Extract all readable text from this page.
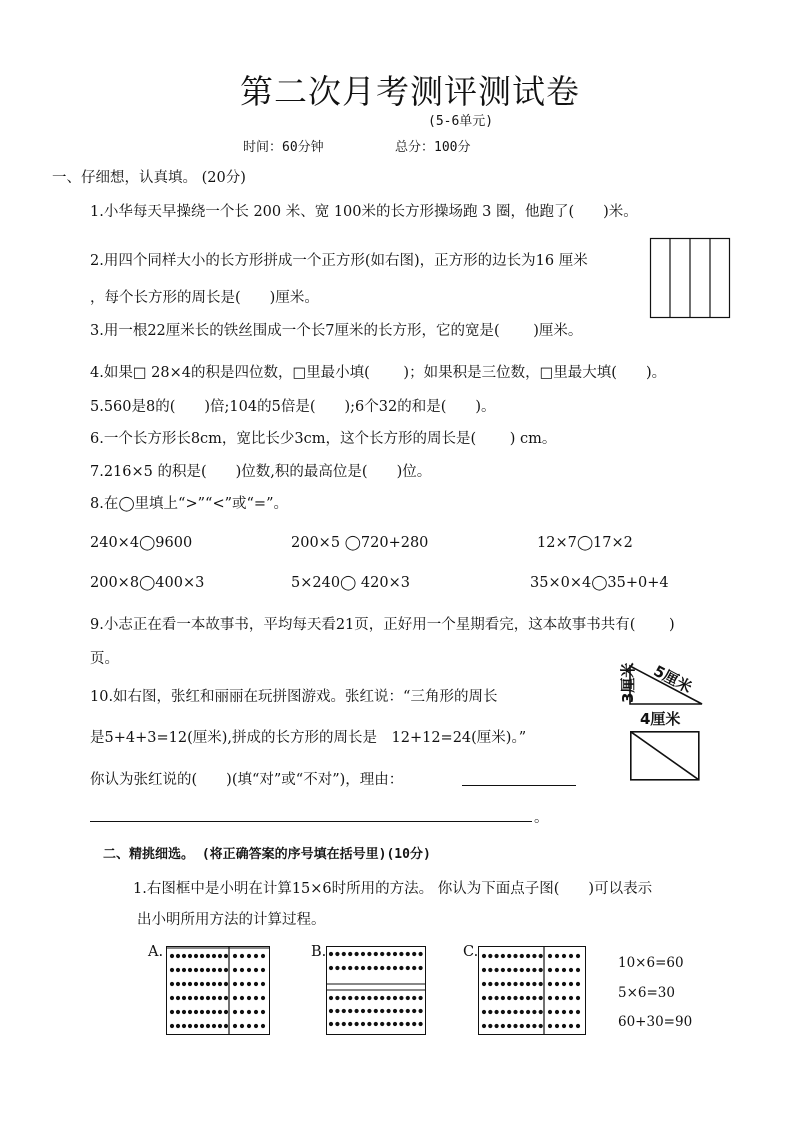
第二次月考测评测试卷
(5-6单元)
时间：60分钟	总分：100分
一、仔细想，认真填。 (20分)
1.小华每天早操绕一个长 200 米、宽 100米的长方形操场跑 3 圈，他跑了(　　)米。
2.用四个同样大小的长方形拼成一个正方形(如右图)，正方形的边长为16 厘米
，每个长方形的周长是(　　)厘米。
3.用一根22厘米长的铁丝围成一个长7厘米的长方形，它的宽是(　　 )厘米。
4.如果□ 28×4的积是四位数，□里最小填(　　 )；如果积是三位数，□里最大填(　　)。
5.560是8的(　　)倍;104的5倍是(　　);6个32的和是(　　)。
6.一个长方形长8cm，宽比长少3cm，这个长方形的周长是(　　 ) cm。
7.216×5 的积是(　　)位数,积的最高位是(　　)位。
8.在◯里填上“>”“<”或“=”。
240×4◯9600	200×5 ◯720+280	12×7◯17×2
200×8◯400×3	5×240◯ 420×3	35×0×4◯35+0+4
9.小志正在看一本故事书，平均每天看21页，正好用一个星期看完，这本故事书共有(　　 )
页。
10.如右图，张红和丽丽在玩拼图游戏。张红说：“三角形的周长
是5+4+3=12(厘米),拼成的长方形的周长是　12+12=24(厘米)。”
你认为张红说的(　　)(填“对”或“不对”)，理由：
。
5厘米
3厘米
4厘米
二、精挑细选。 (将正确答案的序号填在括号里)(10分)
1.右图框中是小明在计算15×6时所用的方法。 你认为下面点子图(　　)可以表示
出小明所用方法的计算过程。
A.	B.	C.
10×6=60
5×6=30
60+30=90
